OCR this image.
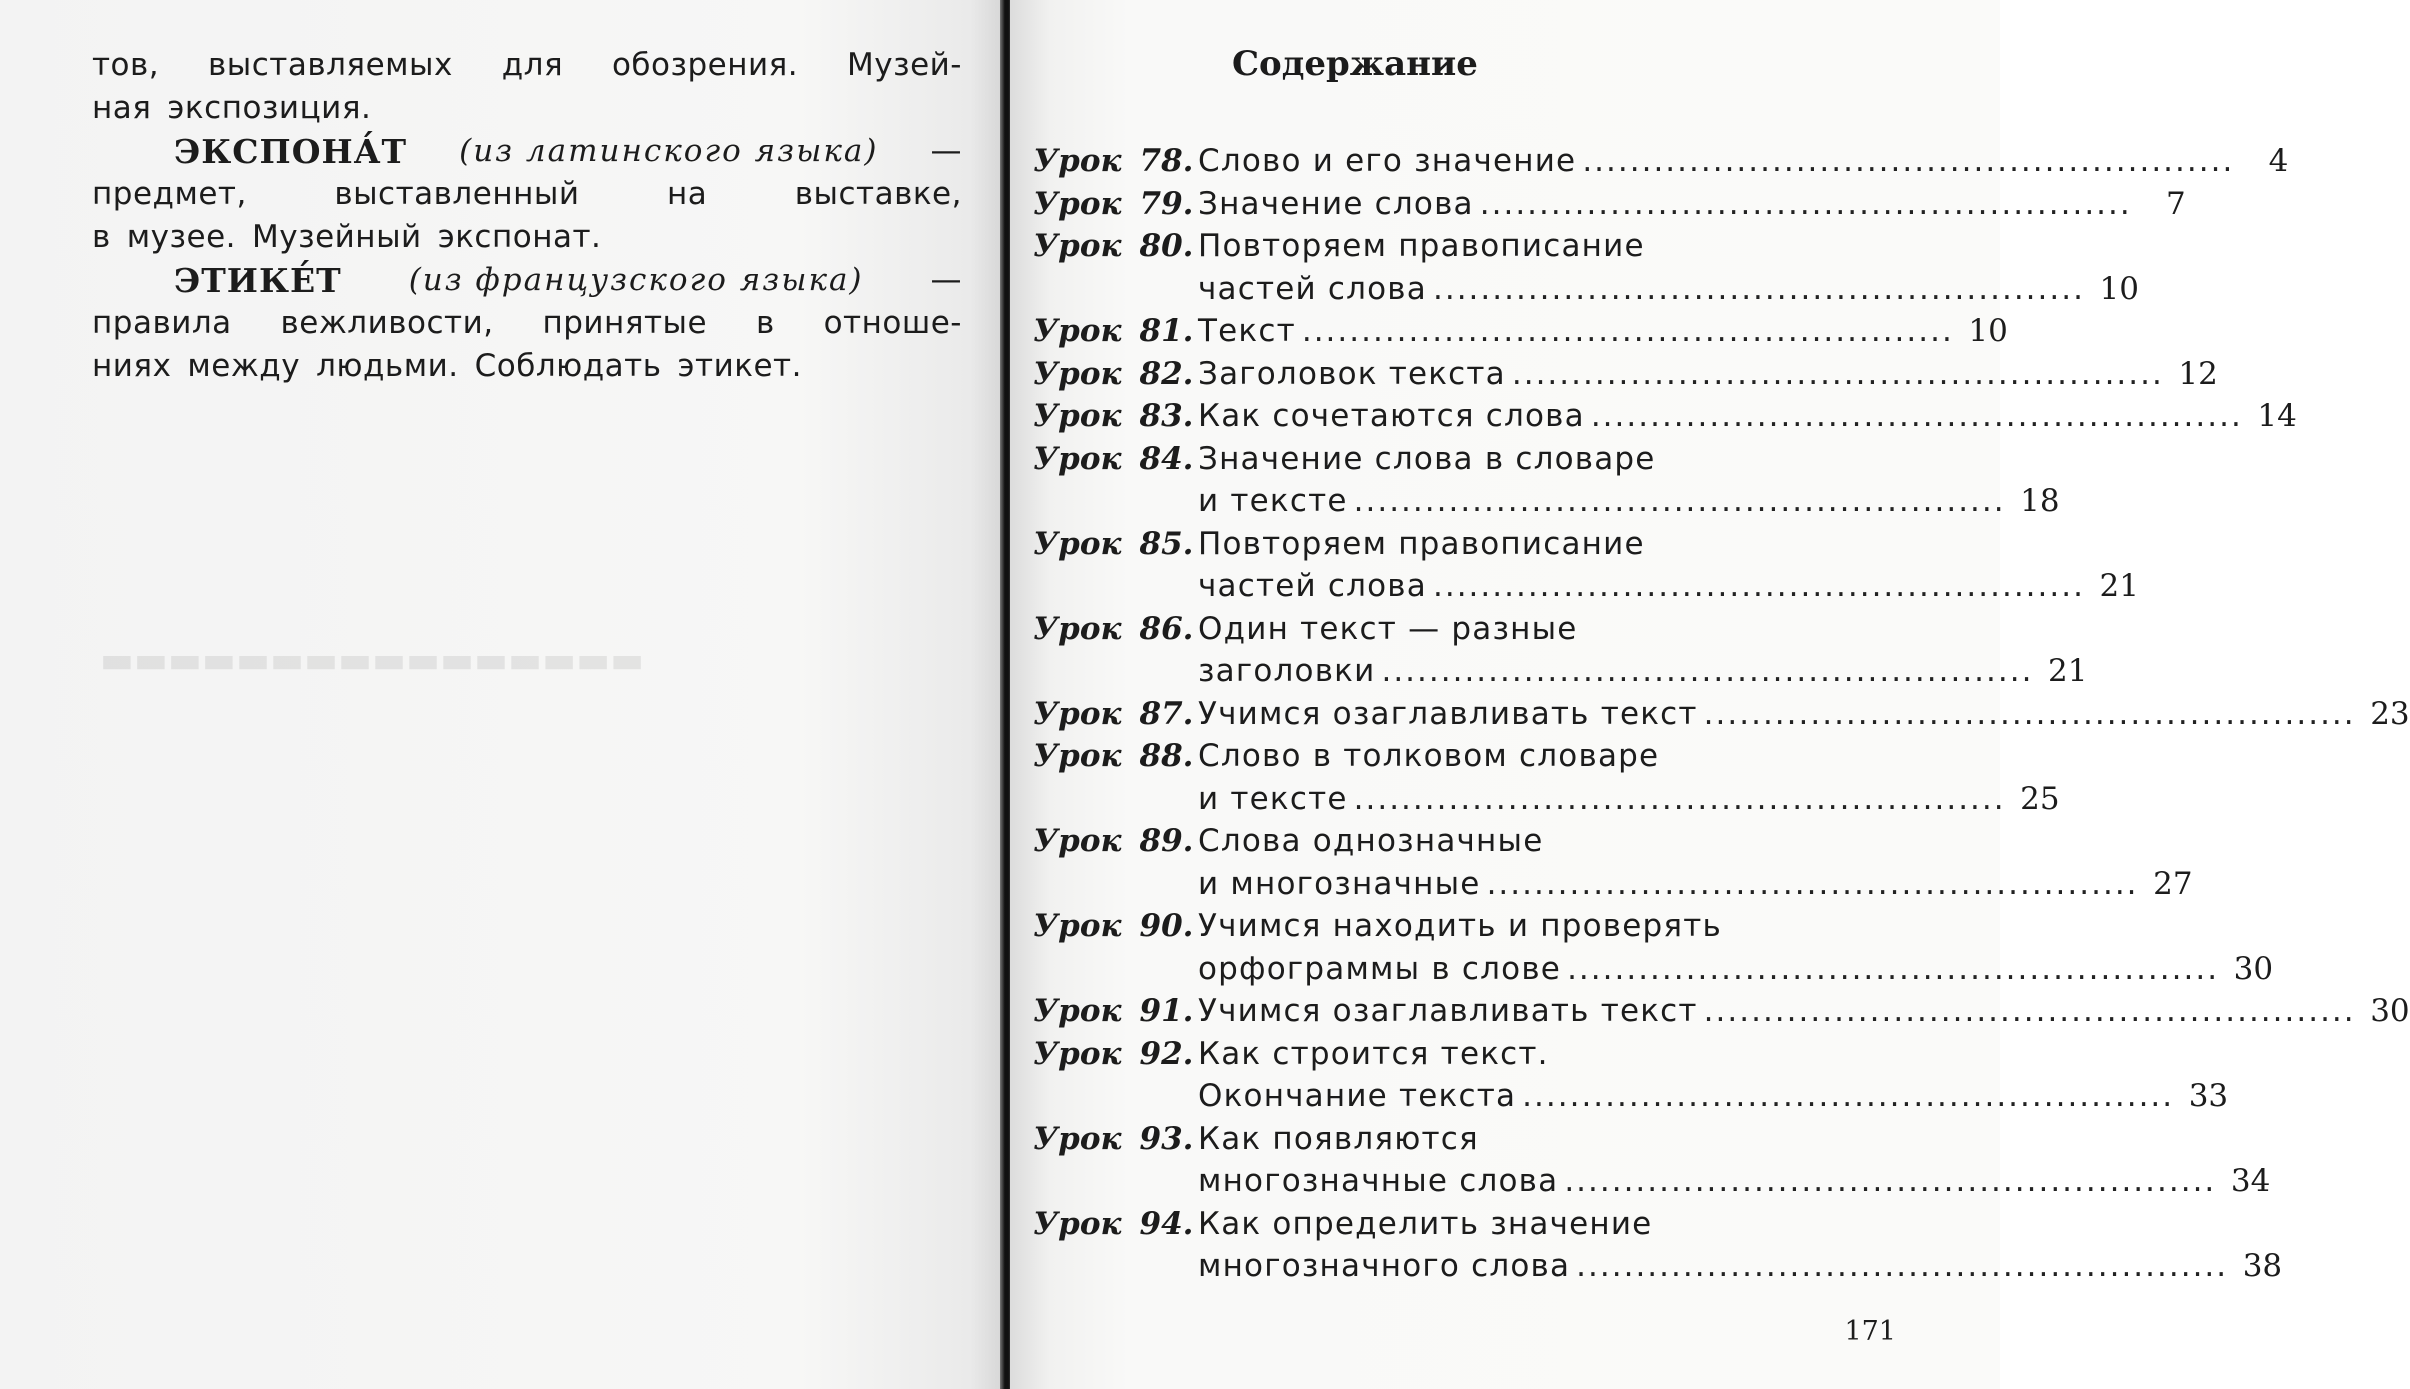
▬▬▬▬▬▬▬▬▬▬▬▬▬▬▬▬
тов, выставляемых для обозрения. Музей-
ная экспозиция.
ЭКСПОНА́Т (из латинского языка) —
предмет,	выставленный	на	выставке,
в музее. Музейный экспонат.
ЭТИКЕ́Т (из французского языка) —
правила вежливости, принятые в отноше-
ниях между людьми. Соблюдать этикет.
Содержание
Урок 78. Слово и его значение .......................................................	4
Урок 79. Значение слова .......................................................	7
Урок 80. Повторяем правописание
частей слова ....................................................... 10
Урок 81. Текст ....................................................... 10
Урок 82. Заголовок текста ....................................................... 12
Урок 83. Как сочетаются слова ....................................................... 14
Урок 84. Значение слова в словаре
и тексте ....................................................... 18
Урок 85. Повторяем правописание
частей слова ....................................................... 21
Урок 86. Один текст — разные
заголовки ....................................................... 21
Урок 87. Учимся озаглавливать текст ....................................................... 23
Урок 88. Слово в толковом словаре
и тексте ....................................................... 25
Урок 89. Слова однозначные
и многозначные ....................................................... 27
Урок 90. Учимся находить и проверять
орфограммы в слове ....................................................... 30
Урок 91. Учимся озаглавливать текст ....................................................... 30
Урок 92. Как строится текст.
Окончание текста ....................................................... 33
Урок 93. Как появляются
многозначные слова ....................................................... 34
Урок 94. Как определить значение
многозначного слова ....................................................... 38
171
